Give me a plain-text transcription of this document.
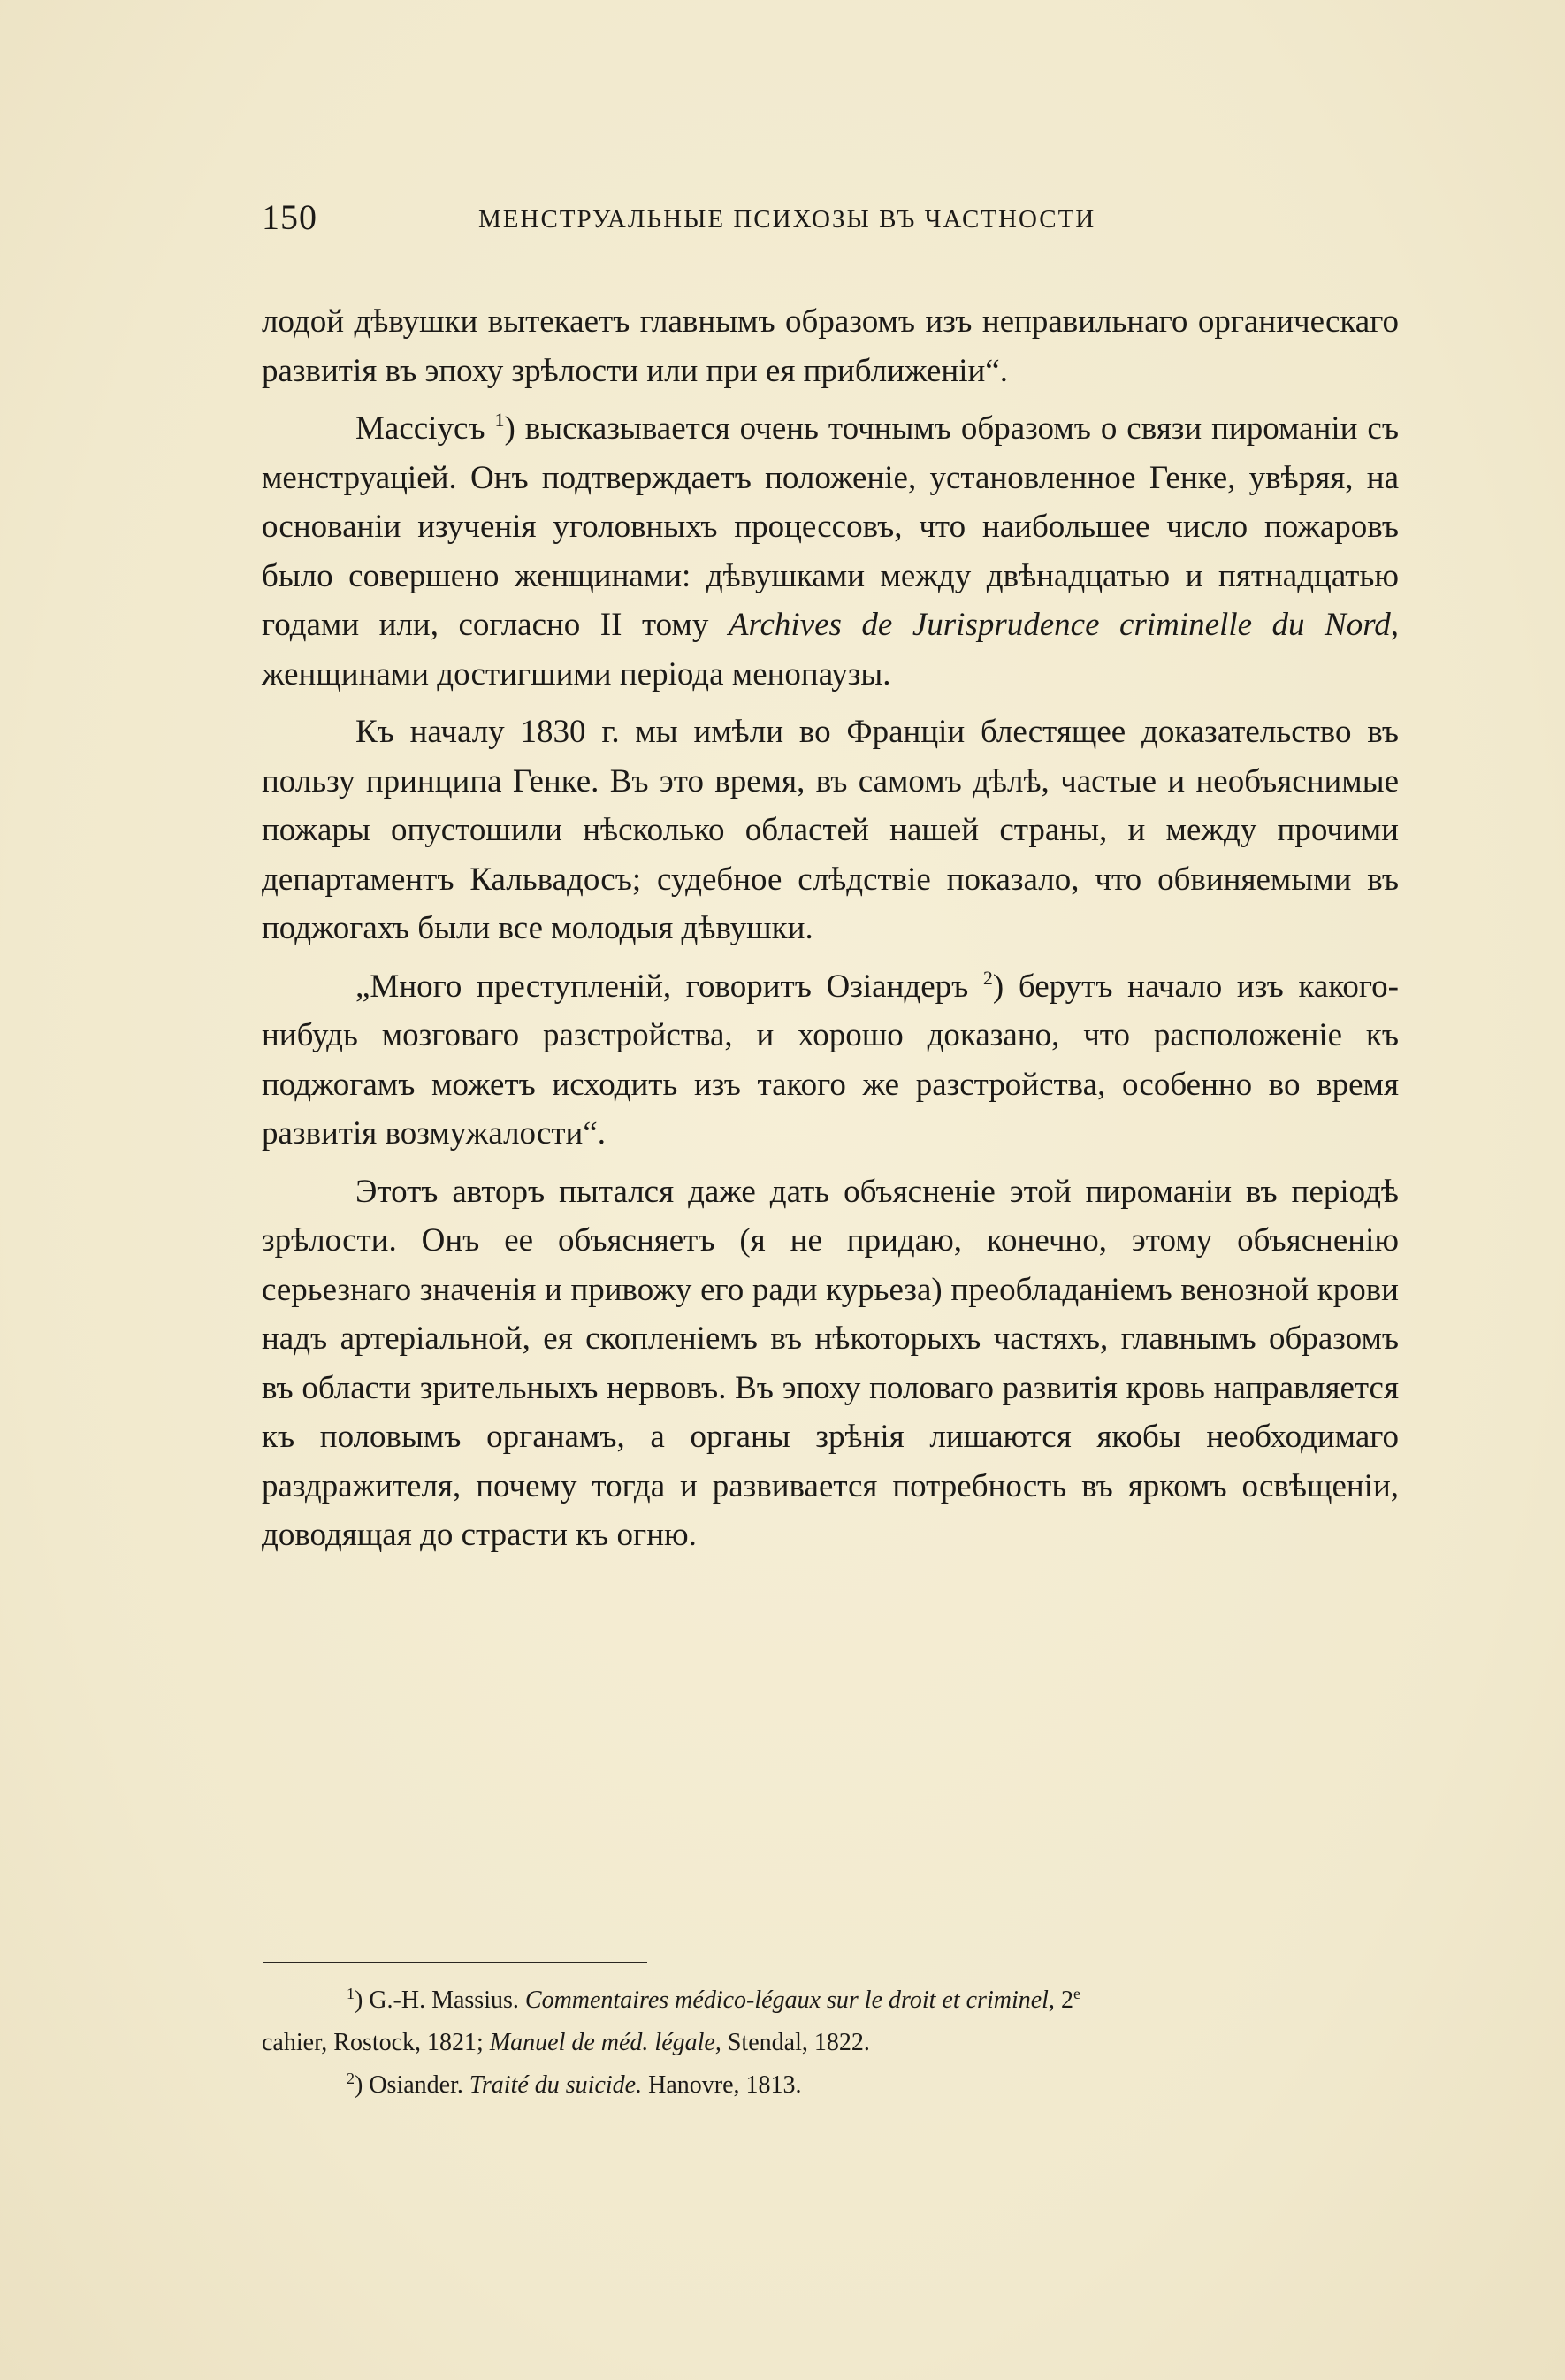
150	МЕНСТРУАЛЬНЫЕ ПСИХОЗЫ ВЪ ЧАСТНОСТИ

лодой дѣвушки вытекаетъ главнымъ образомъ изъ неправильнаго органическаго развитія въ эпоху зрѣлости или при ея приближеніи“.

Массіусъ $^1$) высказывается очень точнымъ образомъ о связи пироманіи съ менструаціей. Онъ подтверждаетъ положеніе, установленное Генке, увѣряя, на основаніи изученія уголовныхъ процессовъ, что наибольшее число пожаровъ было совершено женщинами: дѣвушками между двѣнадцатью и пятнадцатью годами или, согласно II тому Archives de Jurisprudence criminelle du Nord, женщинами достигшими періода менопаузы.

Къ началу 1830 г. мы имѣли во Франціи блестящее доказательство въ пользу принципа Генке. Въ это время, въ самомъ дѣлѣ, частые и необъяснимые пожары опустошили нѣсколько областей нашей страны, и между прочими департаментъ Кальвадосъ; судебное слѣдствіе показало, что обвиняемыми въ поджогахъ были все молодыя дѣвушки.

„Много преступленій, говоритъ Озіандеръ $^2$) берутъ начало изъ какого-нибудь мозговаго разстройства, и хорошо доказано, что расположеніе къ поджогамъ можетъ исходить изъ такого же разстройства, особенно во время развитія возмужалости“.

Этотъ авторъ пытался даже дать объясненіе этой пироманіи въ періодѣ зрѣлости. Онъ ее объясняетъ (я не придаю, конечно, этому объясненію серьезнаго значенія и привожу его ради курьеза) преобладаніемъ венозной крови надъ артеріальной, ея скопленіемъ въ нѣкоторыхъ частяхъ, главнымъ образомъ въ области зрительныхъ нервовъ. Въ эпоху половаго развитія кровь направляется къ половымъ органамъ, а органы зрѣнія лишаются якобы необходимаго раздражителя, почему тогда и развивается потребность въ яркомъ освѣщеніи, доводящая до страсти къ огню.

$^1$) G.-H. Massius. Commentaires médico-légaux sur le droit et criminel, 2e

cahier, Rostock, 1821; Manuel de méd. légale, Stendal, 1822.

$^2$) Osiander. Traité du suicide. Hanovre, 1813.
